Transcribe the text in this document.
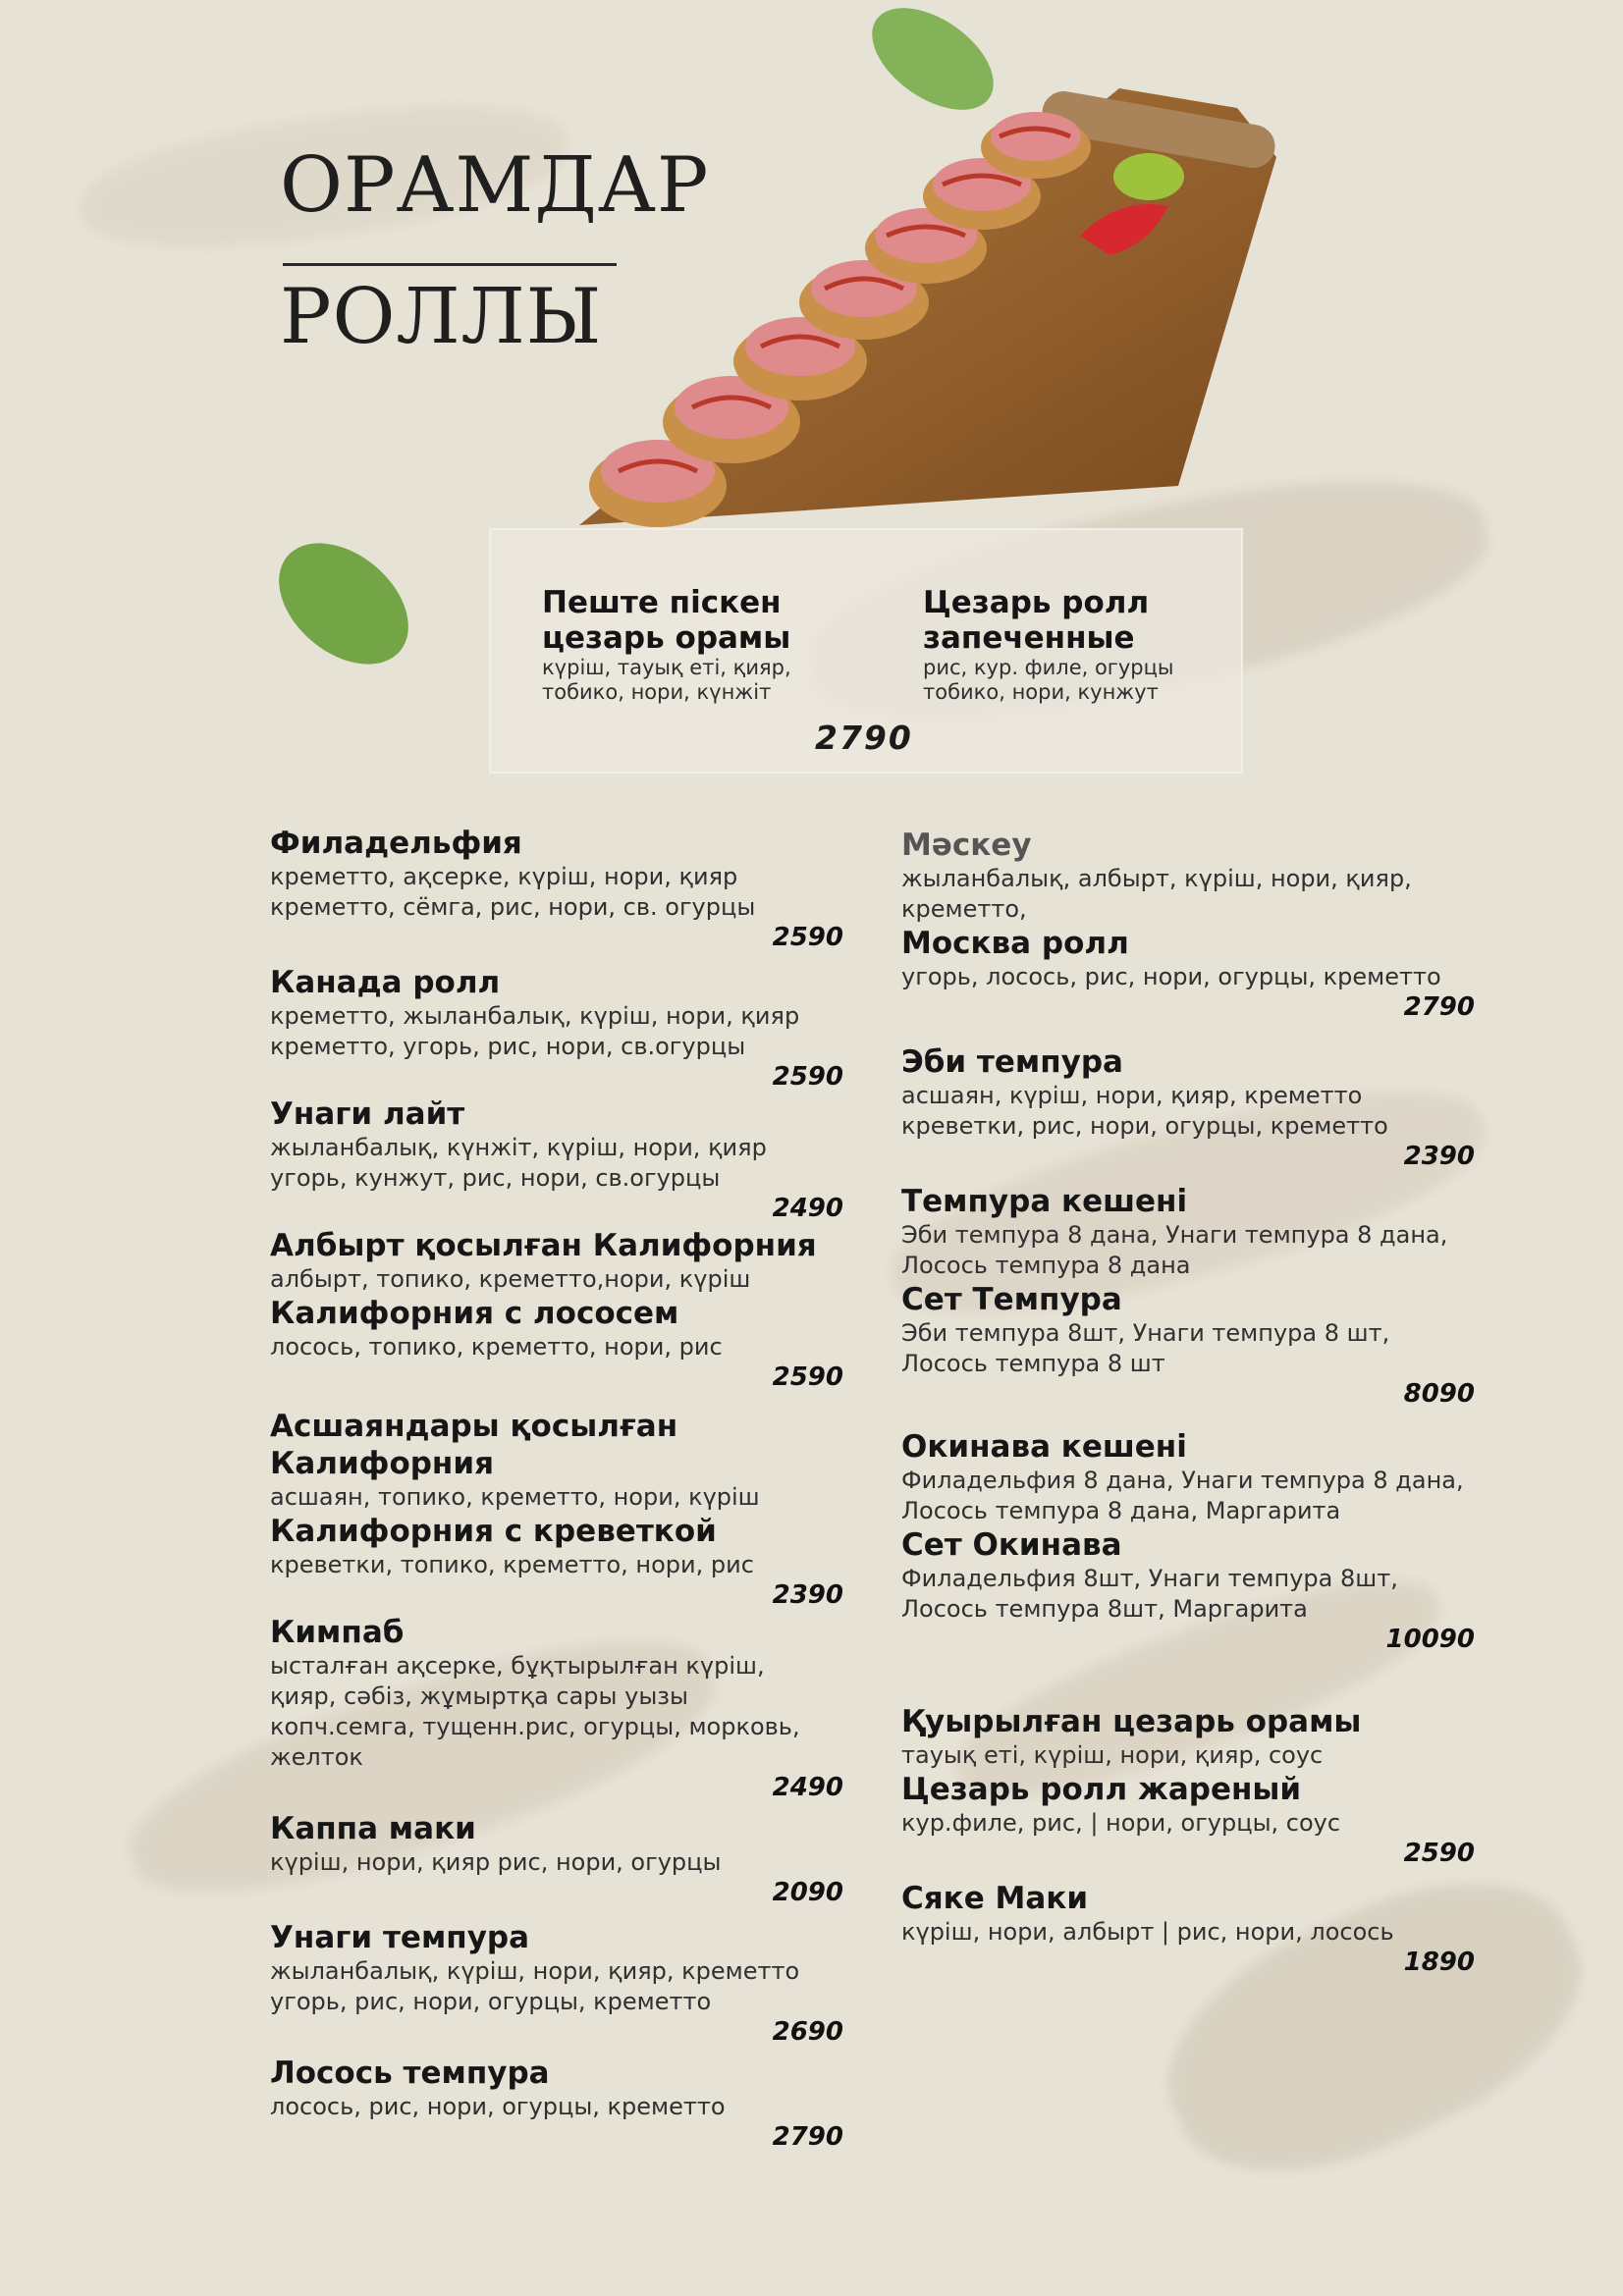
ОРАМДАР
РОЛЛЫ
Пеште піскен цезарь орамы
күріш, тауық еті, қияр, тобико, нори, күнжіт
Цезарь ролл запеченные
рис, кур. филе, огурцы тобико, нори, кунжут
2790
Филадельфия
креметто, ақсерке, күріш, нори, қияр
креметто, сёмга, рис, нори, св. огурцы
2590
Канада ролл
креметто, жыланбалық, күріш, нори, қияр
креметто, угорь, рис, нори, св.огурцы
2590
Унаги лайт
жыланбалық, күнжіт, күріш, нори, қияр
угорь, кунжут, рис, нори, св.огурцы
2490
Албырт қосылған Калифорния
албырт, топико, креметто,нори, күріш
Калифорния с лососем
лосось, топико, креметто, нори, рис
2590
Асшаяндары қосылған Калифорния
асшаян, топико, креметто, нори, күріш
Калифорния с креветкой
креветки, топико, креметто, нори, рис
2390
Кимпаб
ысталған ақсерке, бұқтырылған күріш, қияр, сәбіз, жұмыртқа сары уызы
копч.семга, тущенн.рис, огурцы, морковь, желток
2490
Каппа маки
күріш, нори, қияр рис, нори, огурцы
2090
Унаги темпура
жыланбалық, күріш, нори, қияр, креметто
угорь, рис, нори, огурцы, креметто
2690
Лосось темпура
лосось, рис, нори, огурцы, креметто
2790
Мәскеу
жыланбалық, албырт, күріш, нори, қияр, креметто,
Москва ролл
угорь, лосось, рис, нори, огурцы, креметто
2790
Эби темпура
асшаян, күріш, нори, қияр, креметто
креветки, рис, нори, огурцы, креметто
2390
Темпура кешені
Эби темпура 8 дана, Унаги темпура 8 дана, Лосось темпура 8 дана
Сет Темпура
Эби темпура 8шт, Унаги темпура 8 шт, Лосось темпура 8 шт
8090
Окинава кешені
Филадельфия 8 дана, Унаги темпура 8 дана, Лосось темпура 8 дана, Маргарита
Сет Окинава
Филадельфия 8шт, Унаги темпура 8шт, Лосось темпура 8шт, Маргарита
10090
Қуырылған цезарь орамы
тауық еті, күріш, нори, қияр, соус
Цезарь ролл жареный
кур.филе, рис, | нори, огурцы, соус
2590
Сяке Маки
күріш, нори, албырт | рис, нори, лосось
1890
